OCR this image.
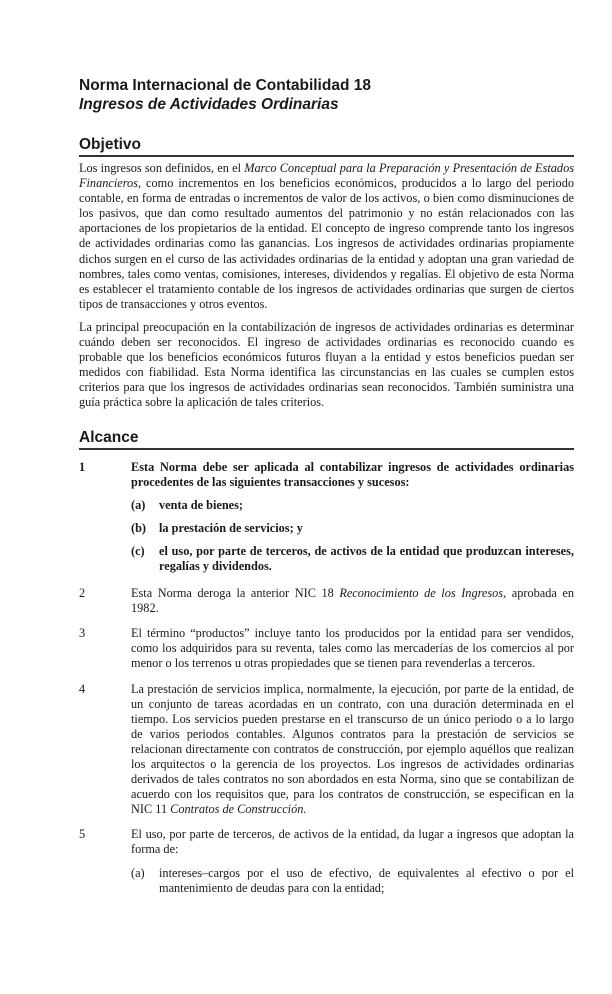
Norma Internacional de Contabilidad 18
Ingresos de Actividades Ordinarias
Objetivo

Los ingresos son definidos, en el Marco Conceptual para la Preparación y Presentación de Estados Financieros, como incrementos en los beneficios económicos, producidos a lo largo del periodo contable, en forma de entradas o incrementos de valor de los activos, o bien como disminuciones de los pasivos, que dan como resultado aumentos del patrimonio y no están relacionados con las aportaciones de los propietarios de la entidad. El concepto de ingreso comprende tanto los ingresos de actividades ordinarias como las ganancias. Los ingresos de actividades ordinarias propiamente dichos surgen en el curso de las actividades ordinarias de la entidad y adoptan una gran variedad de nombres, tales como ventas, comisiones, intereses, dividendos y regalías. El objetivo de esta Norma es establecer el tratamiento contable de los ingresos de actividades ordinarias que surgen de ciertos tipos de transacciones y otros eventos.

La principal preocupación en la contabilización de ingresos de actividades ordinarias es determinar cuándo deben ser reconocidos. El ingreso de actividades ordinarias es reconocido cuando es probable que los beneficios económicos futuros fluyan a la entidad y estos beneficios puedan ser medidos con fiabilidad. Esta Norma identifica las circunstancias en las cuales se cumplen estos criterios para que los ingresos de actividades ordinarias sean reconocidos. También suministra una guía práctica sobre la aplicación de tales criterios.

Alcance
1	Esta Norma debe ser aplicada al contabilizar ingresos de actividades ordinarias procedentes de las siguientes transacciones y sucesos:

(a)	venta de bienes;
(b)	la prestación de servicios; y
(c)	el uso, por parte de terceros, de activos de la entidad que produzcan intereses, regalías y dividendos.
2	Esta Norma deroga la anterior NIC 18 Reconocimiento de los Ingresos, aprobada en 1982.

3	El término “productos” incluye tanto los producidos por la entidad para ser vendidos, como los adquiridos para su reventa, tales como las mercaderías de los comercios al por menor o los terrenos u otras propiedades que se tienen para revenderlas a terceros.

4	La prestación de servicios implica, normalmente, la ejecución, por parte de la entidad, de un conjunto de tareas acordadas en un contrato, con una duración determinada en el tiempo. Los servicios pueden prestarse en el transcurso de un único periodo o a lo largo de varios periodos contables. Algunos contratos para la prestación de servicios se relacionan directamente con contratos de construcción, por ejemplo aquéllos que realizan los arquitectos o la gerencia de los proyectos. Los ingresos de actividades ordinarias derivados de tales contratos no son abordados en esta Norma, sino que se contabilizan de acuerdo con los requisitos que, para los contratos de construcción, se especifican en la NIC 11 Contratos de Construcción.

5	El uso, por parte de terceros, de activos de la entidad, da lugar a ingresos que adoptan la forma de:

(a)	intereses–cargos por el uso de efectivo, de equivalentes al efectivo o por el mantenimiento de deudas para con la entidad;
